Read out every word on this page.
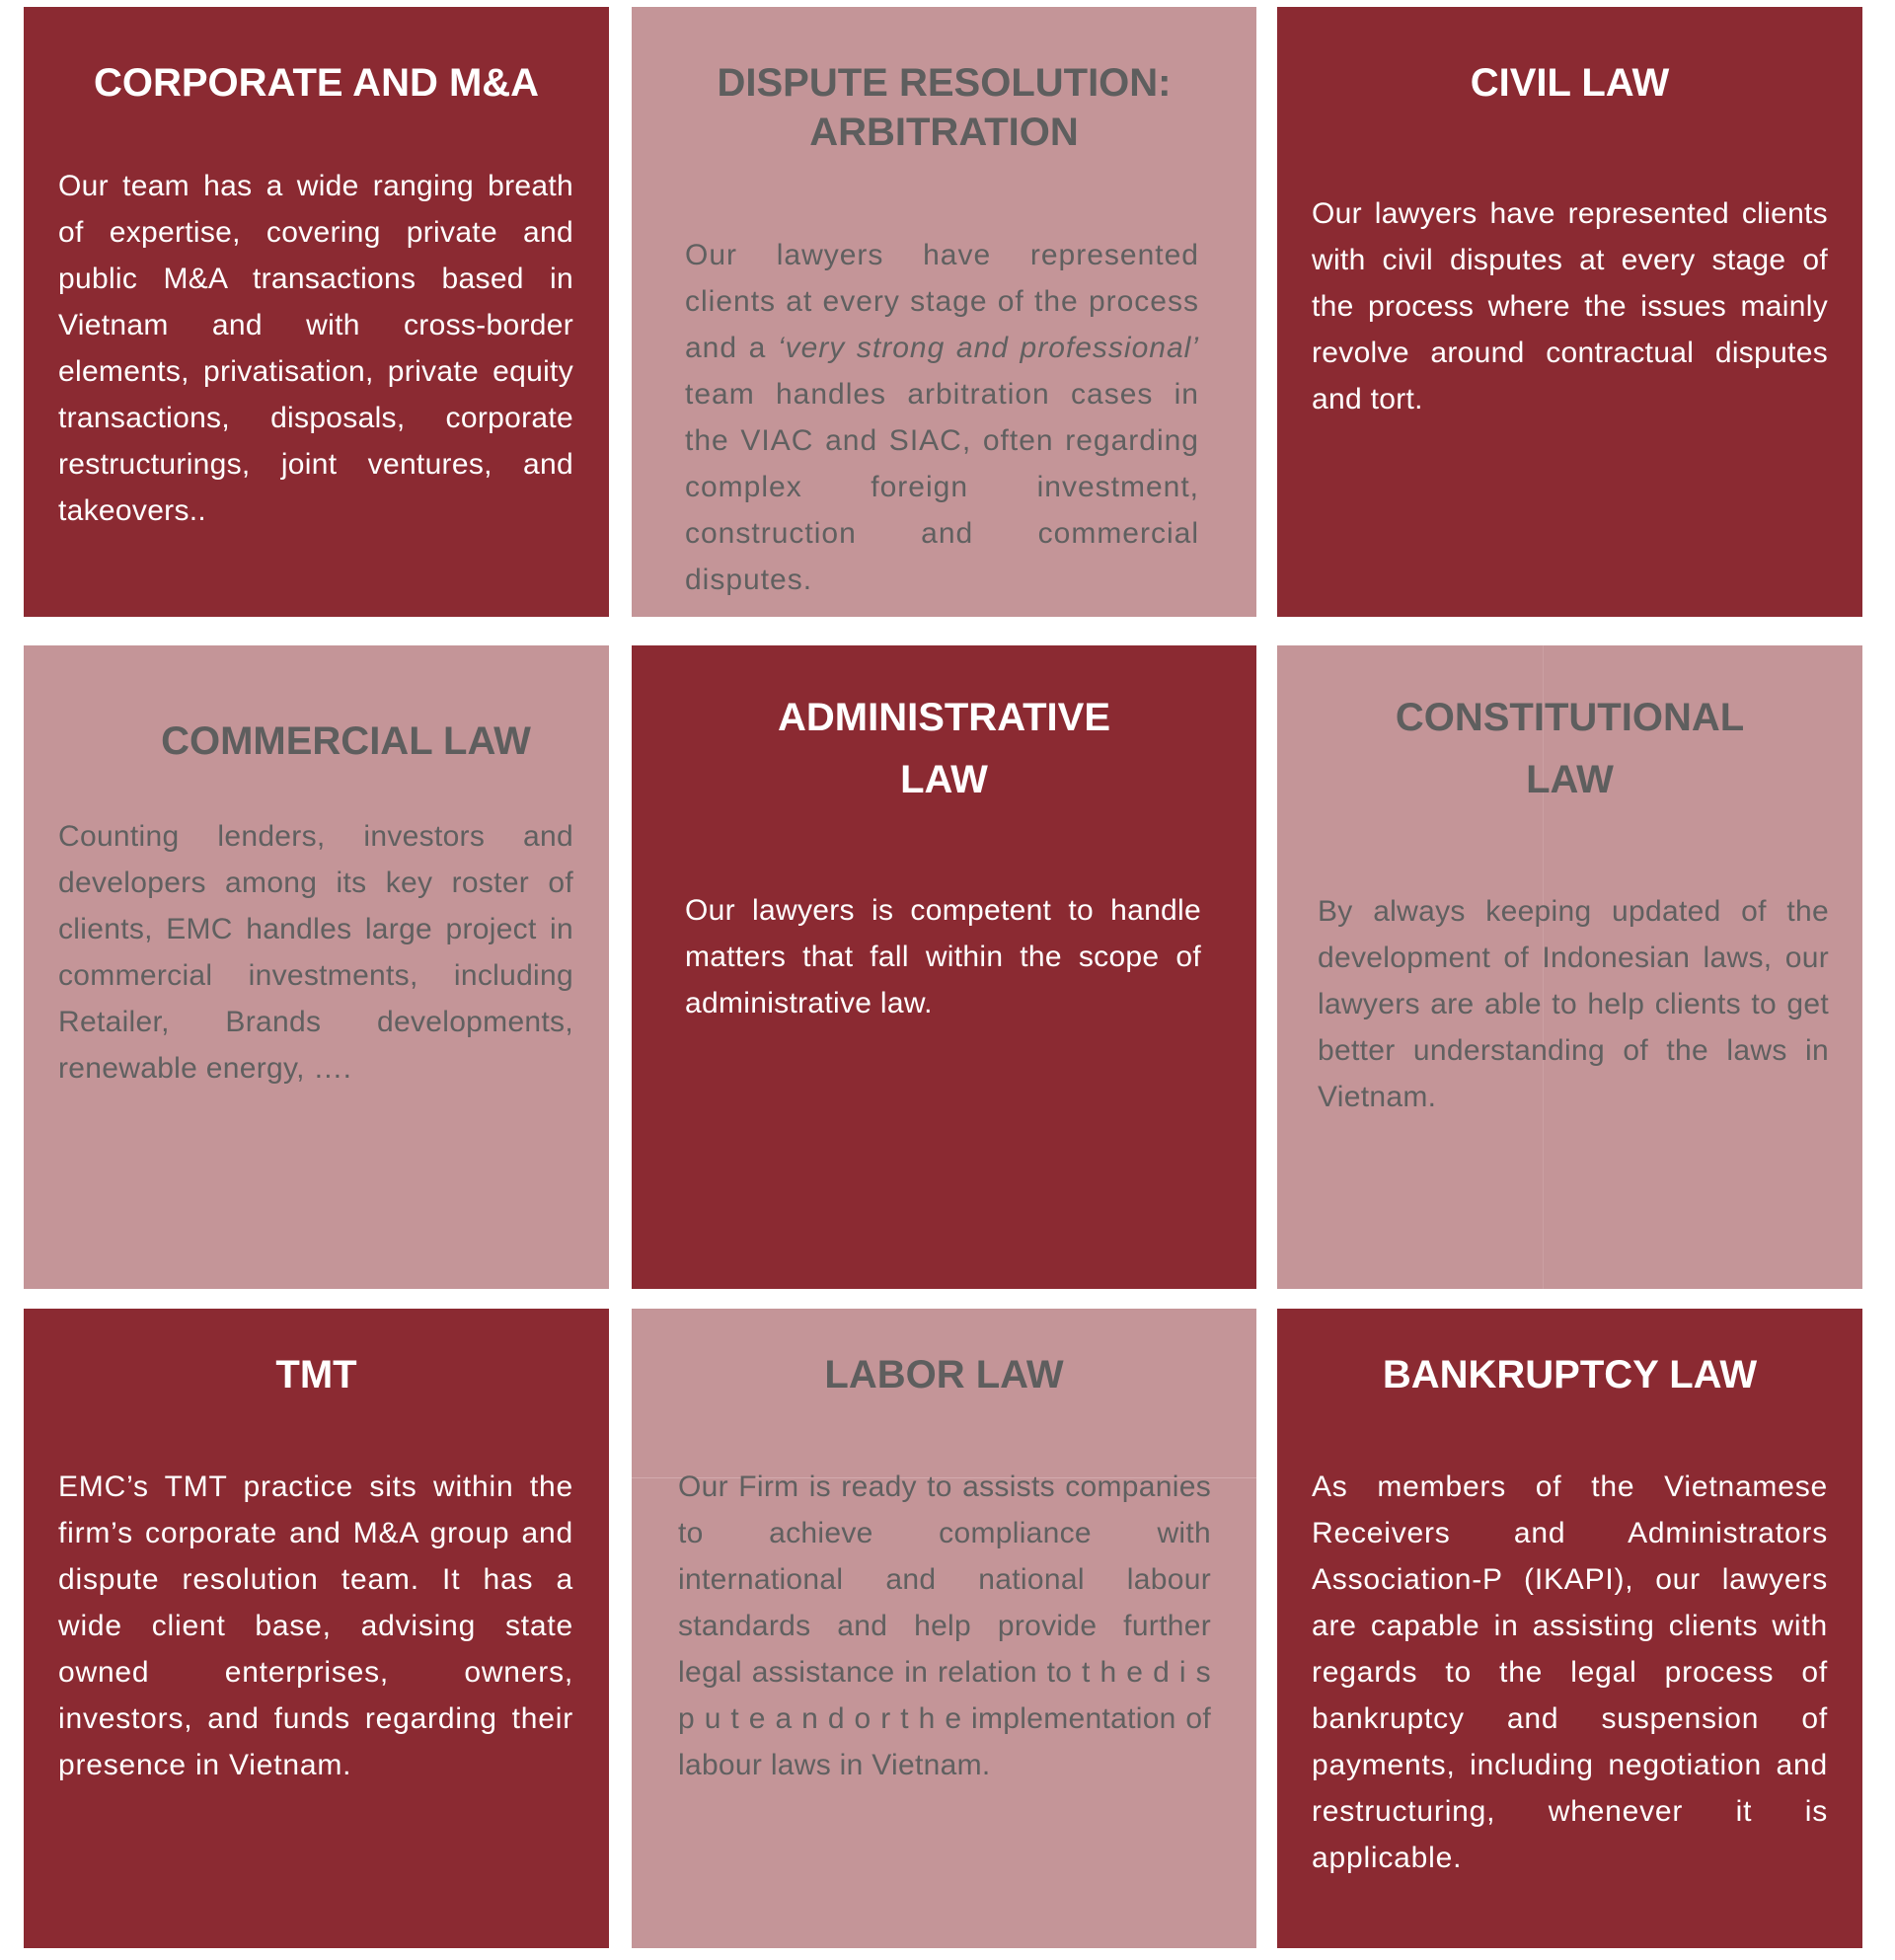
CORPORATE AND M&A

Our team has a wide ranging breath of expertise, covering private and public M&A transactions based in Vietnam and with cross-border elements, privatisation, private equity transactions, disposals, corporate restructurings, joint ventures, and takeovers..

DISPUTE RESOLUTION:
ARBITRATION

Our lawyers have represented clients at every stage of the process and a ‘very strong and professional’ team handles arbitration cases in the VIAC and SIAC, often regarding complex foreign investment, construction and commercial disputes.

CIVIL LAW

Our lawyers have represented clients with civil disputes at every stage of the process where the issues mainly revolve around contractual disputes and tort.

COMMERCIAL LAW

Counting lenders, investors and developers among its key roster of clients, EMC handles large project in commercial investments, including Retailer, Brands developments, renewable energy, ….

ADMINISTRATIVE
LAW

Our lawyers is competent to handle matters that fall within the scope of administrative law.

CONSTITUTIONAL
LAW

By always keeping updated of the development of Indonesian laws, our lawyers are able to help clients to get better understanding of the laws in Vietnam.

TMT

EMC’s TMT practice sits within the firm’s corporate and M&A group and dispute resolution team. It has a wide client base, advising state owned enterprises, owners, investors, and funds regarding their presence in Vietnam.

LABOR LAW

Our Firm is ready to assists companies to achieve compliance with international and national labour standards and help provide further legal assistance in relation to t h e d i s p u t e a n d o r t h e implementation of labour laws in Vietnam.

BANKRUPTCY LAW

As members of the Vietnamese Receivers and Administrators Association-P (IKAPI), our lawyers are capable in assisting clients with regards to the legal process of bankruptcy and suspension of payments, including negotiation and restructuring, whenever it is applicable.
